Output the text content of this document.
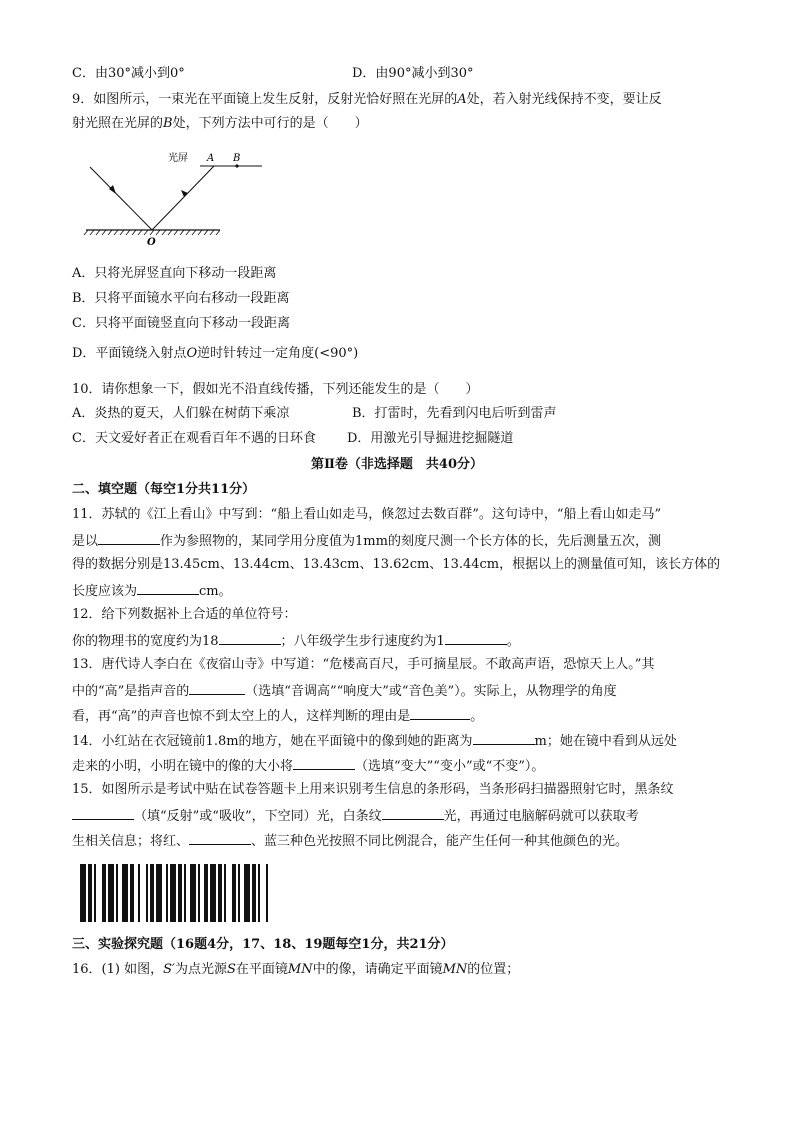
C．由30°减小到0°	D．由90°减小到30°
9．如图所示，一束光在平面镜上发生反射，反射光恰好照在光屏的A处，若入射光线保持不变，要让反
射光照在光屏的B处，下列方法中可行的是（　　）
光屏 A B
O
A．只将光屏竖直向下移动一段距离
B．只将平面镜水平向右移动一段距离
C．只将平面镜竖直向下移动一段距离
D．平面镜绕入射点O逆时针转过一定角度(<90°)
10．请你想象一下，假如光不沿直线传播，下列还能发生的是（　　）
A．炎热的夏天，人们躲在树荫下乘凉	B．打雷时，先看到闪电后听到雷声
C．天文爱好者正在观看百年不遇的日环食 D．用激光引导掘进挖掘隧道
第Ⅱ卷（非选择题　共40分）
二、填空题（每空1分共11分）
11．苏轼的《江上看山》中写到：“船上看山如走马，倏忽过去数百群”。这句诗中，“船上看山如走马”
是以	作为参照物的，某同学用分度值为1mm的刻度尺测一个长方体的长，先后测量五次，测
得的数据分别是13.45cm、13.44cm、13.43cm、13.62cm、13.44cm，根据以上的测量值可知，该长方体的
长度应该为	cm。
12．给下列数据补上合适的单位符号：
你的物理书的宽度约为18	；八年级学生步行速度约为1	。
13．唐代诗人李白在《夜宿山寺》中写道：“危楼高百尺，手可摘星辰。不敢高声语，恐惊天上人。”其
中的“高”是指声音的	（选填“音调高”“响度大”或“音色美”）。实际上，从物理学的角度
看，再“高”的声音也惊不到太空上的人，这样判断的理由是	。
14．小红站在衣冠镜前1.8m的地方，她在平面镜中的像到她的距离为	m；她在镜中看到从远处
走来的小明，小明在镜中的像的大小将	（选填“变大”“变小”或“不变”）。
15．如图所示是考试中贴在试卷答题卡上用来识别考生信息的条形码，当条形码扫描器照射它时，黑条纹
（填“反射”或“吸收”，下空同）光，白条纹	光，再通过电脑解码就可以获取考
生相关信息；将红、	、蓝三种色光按照不同比例混合，能产生任何一种其他颜色的光。
三、实验探究题（16题4分，17、18、19题每空1分，共21分）
16．(1) 如图，S′为点光源S在平面镜MN中的像，请确定平面镜MN的位置；
